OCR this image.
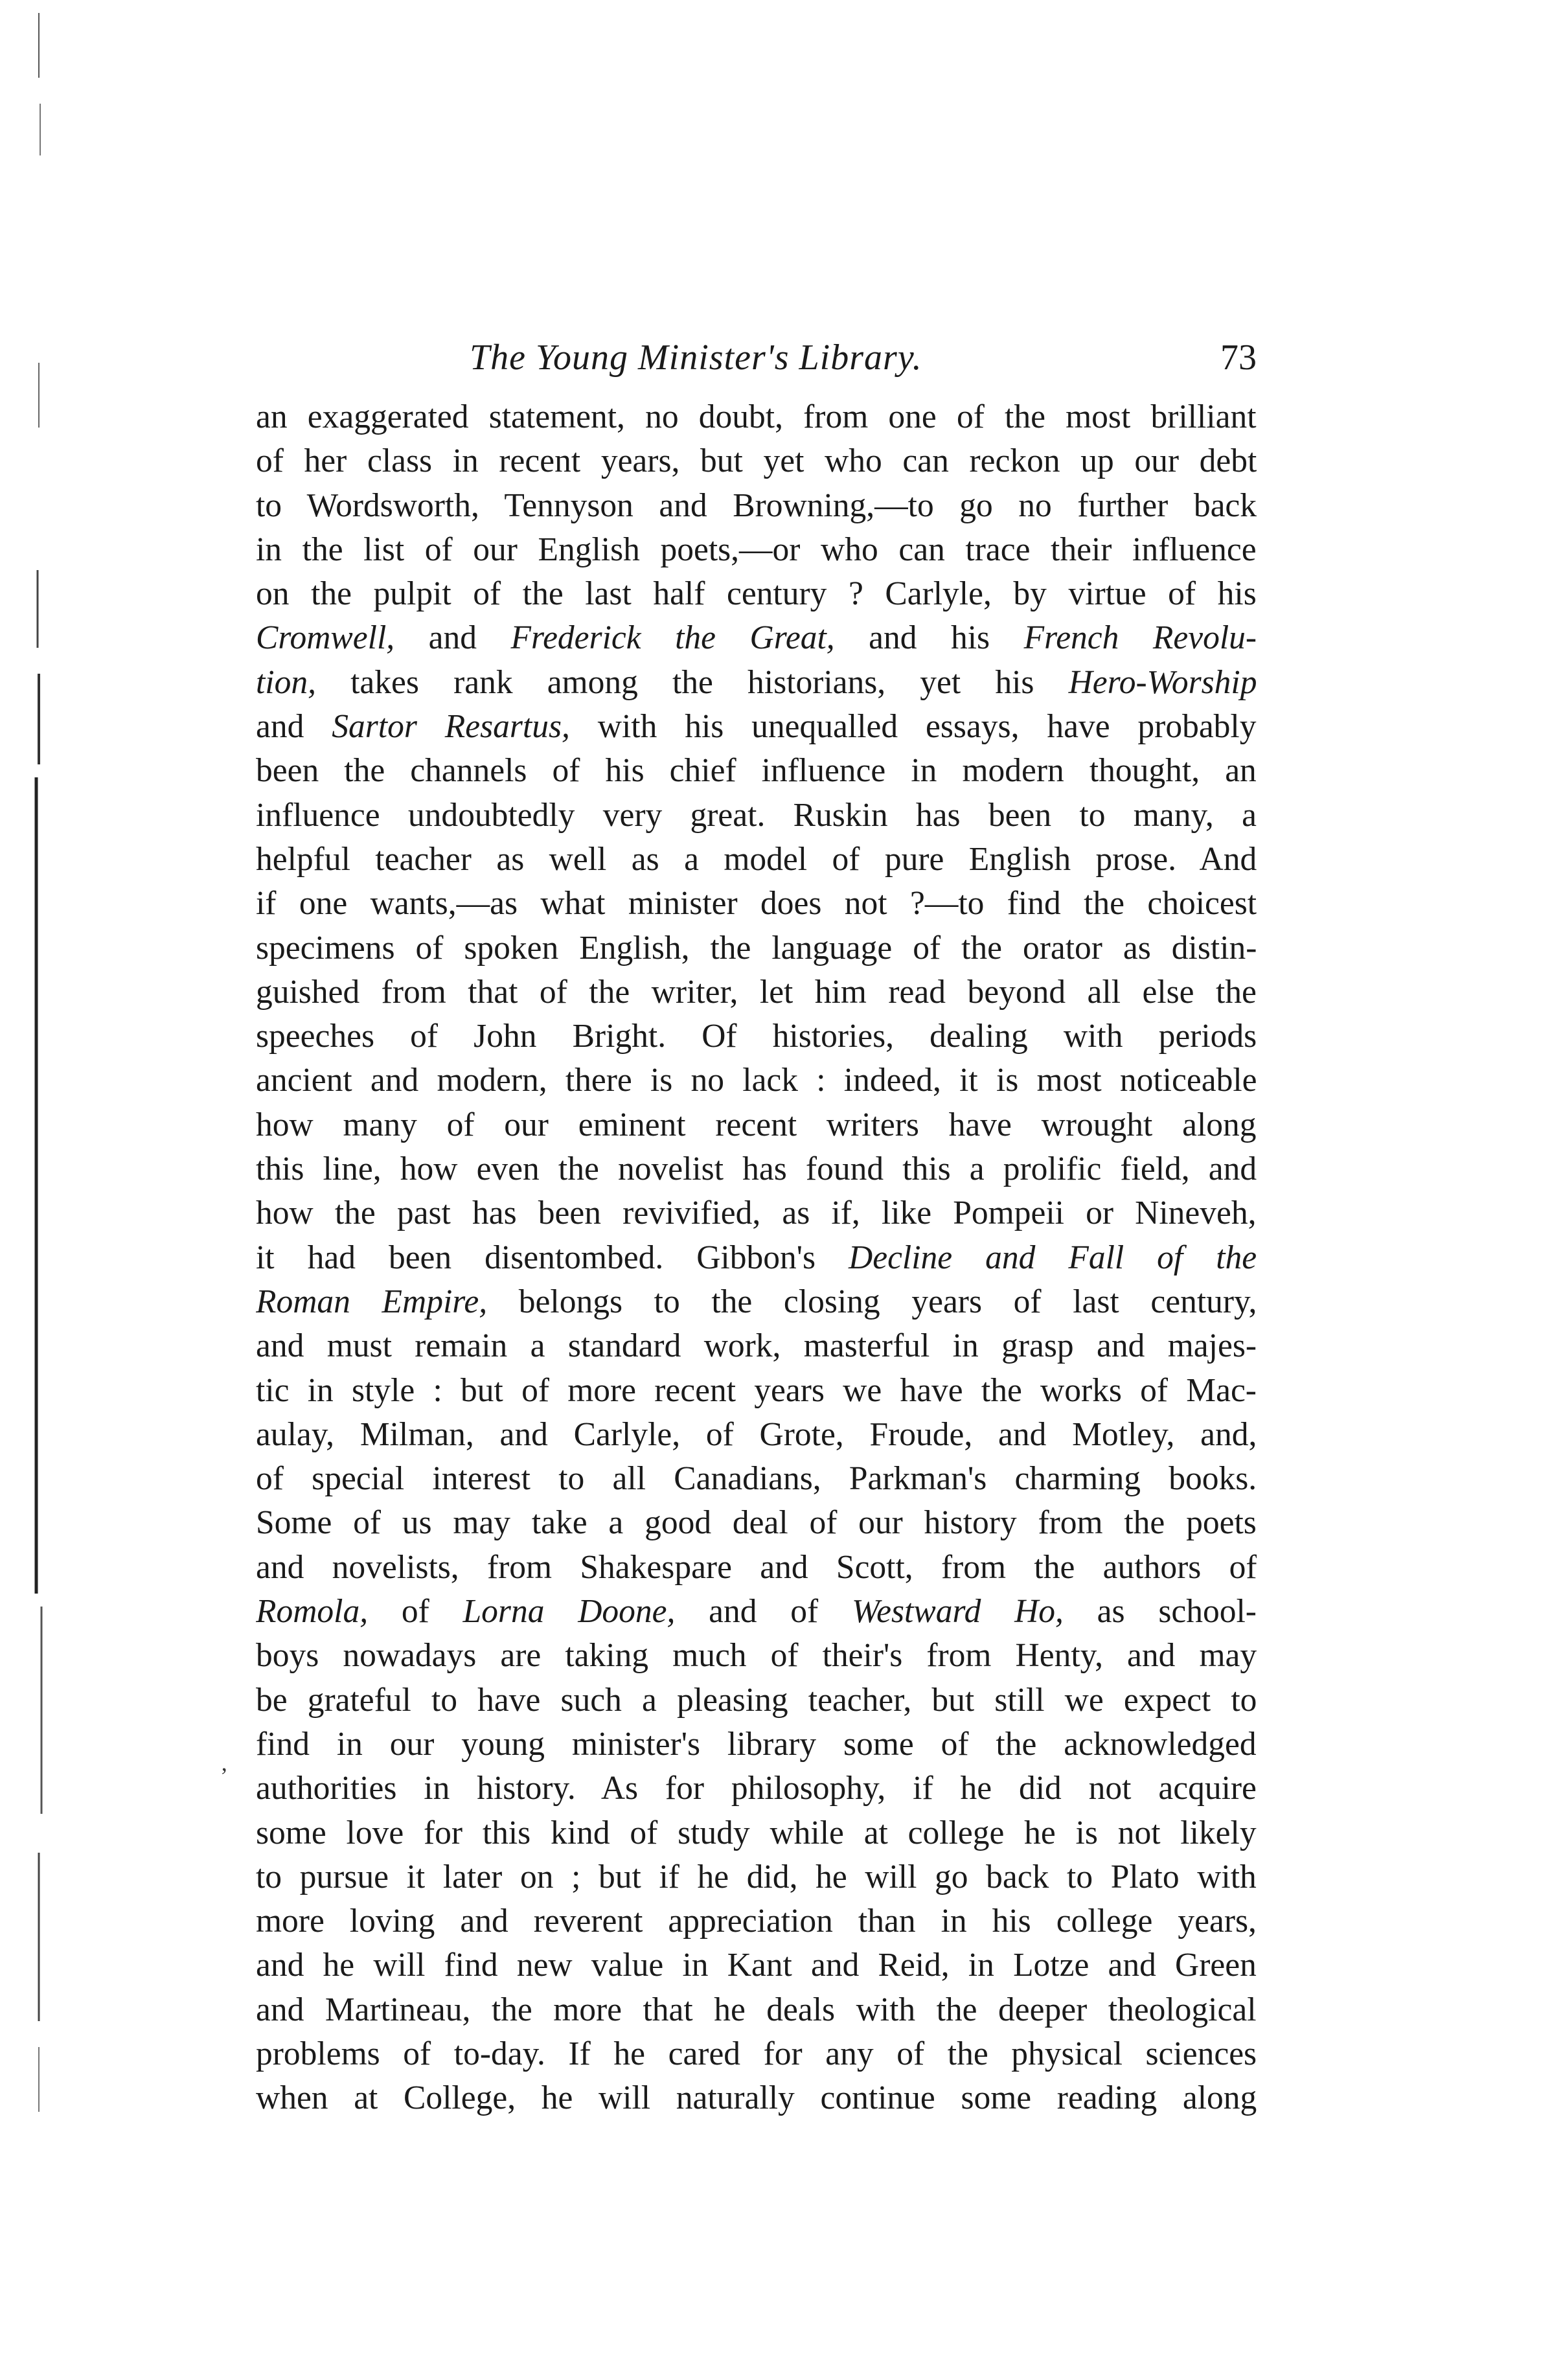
The Young Minister's Library.	73
an exaggerated statement, no doubt, from one of the most brilliant
of her class in recent years, but yet who can reckon up our debt
to Wordsworth, Tennyson and Browning,—to go no further back
in the list of our English poets,—or who can trace their influence
on the pulpit of the last half century ? Carlyle, by virtue of his
Cromwell, and Frederick the Great, and his French Revolu-
tion, takes rank among the historians, yet his Hero-Worship
and Sartor Resartus, with his unequalled essays, have probably
been the channels of his chief influence in modern thought, an
influence undoubtedly very great. Ruskin has been to many, a
helpful teacher as well as a model of pure English prose. And
if one wants,—as what minister does not ?—to find the choicest
specimens of spoken English, the language of the orator as distin-
guished from that of the writer, let him read beyond all else the
speeches of John Bright. Of histories, dealing with periods
ancient and modern, there is no lack : indeed, it is most noticeable
how many of our eminent recent writers have wrought along
this line, how even the novelist has found this a prolific field, and
how the past has been revivified, as if, like Pompeii or Nineveh,
it had been disentombed. Gibbon's Decline and Fall of the
Roman Empire, belongs to the closing years of last century,
and must remain a standard work, masterful in grasp and majes-
tic in style : but of more recent years we have the works of Mac-
aulay, Milman, and Carlyle, of Grote, Froude, and Motley, and,
of special interest to all Canadians, Parkman's charming books.
Some of us may take a good deal of our history from the poets
and novelists, from Shakespare and Scott, from the authors of
Romola, of Lorna Doone, and of Westward Ho, as school-
boys nowadays are taking much of their's from Henty, and may
be grateful to have such a pleasing teacher, but still we expect to
find in our young minister's library some of the acknowledged
authorities in history. As for philosophy, if he did not acquire
some love for this kind of study while at college he is not likely
to pursue it later on ; but if he did, he will go back to Plato with
more loving and reverent appreciation than in his college years,
and he will find new value in Kant and Reid, in Lotze and Green
and Martineau, the more that he deals with the deeper theological
problems of to-day. If he cared for any of the physical sciences
when at College, he will naturally continue some reading along
‚
